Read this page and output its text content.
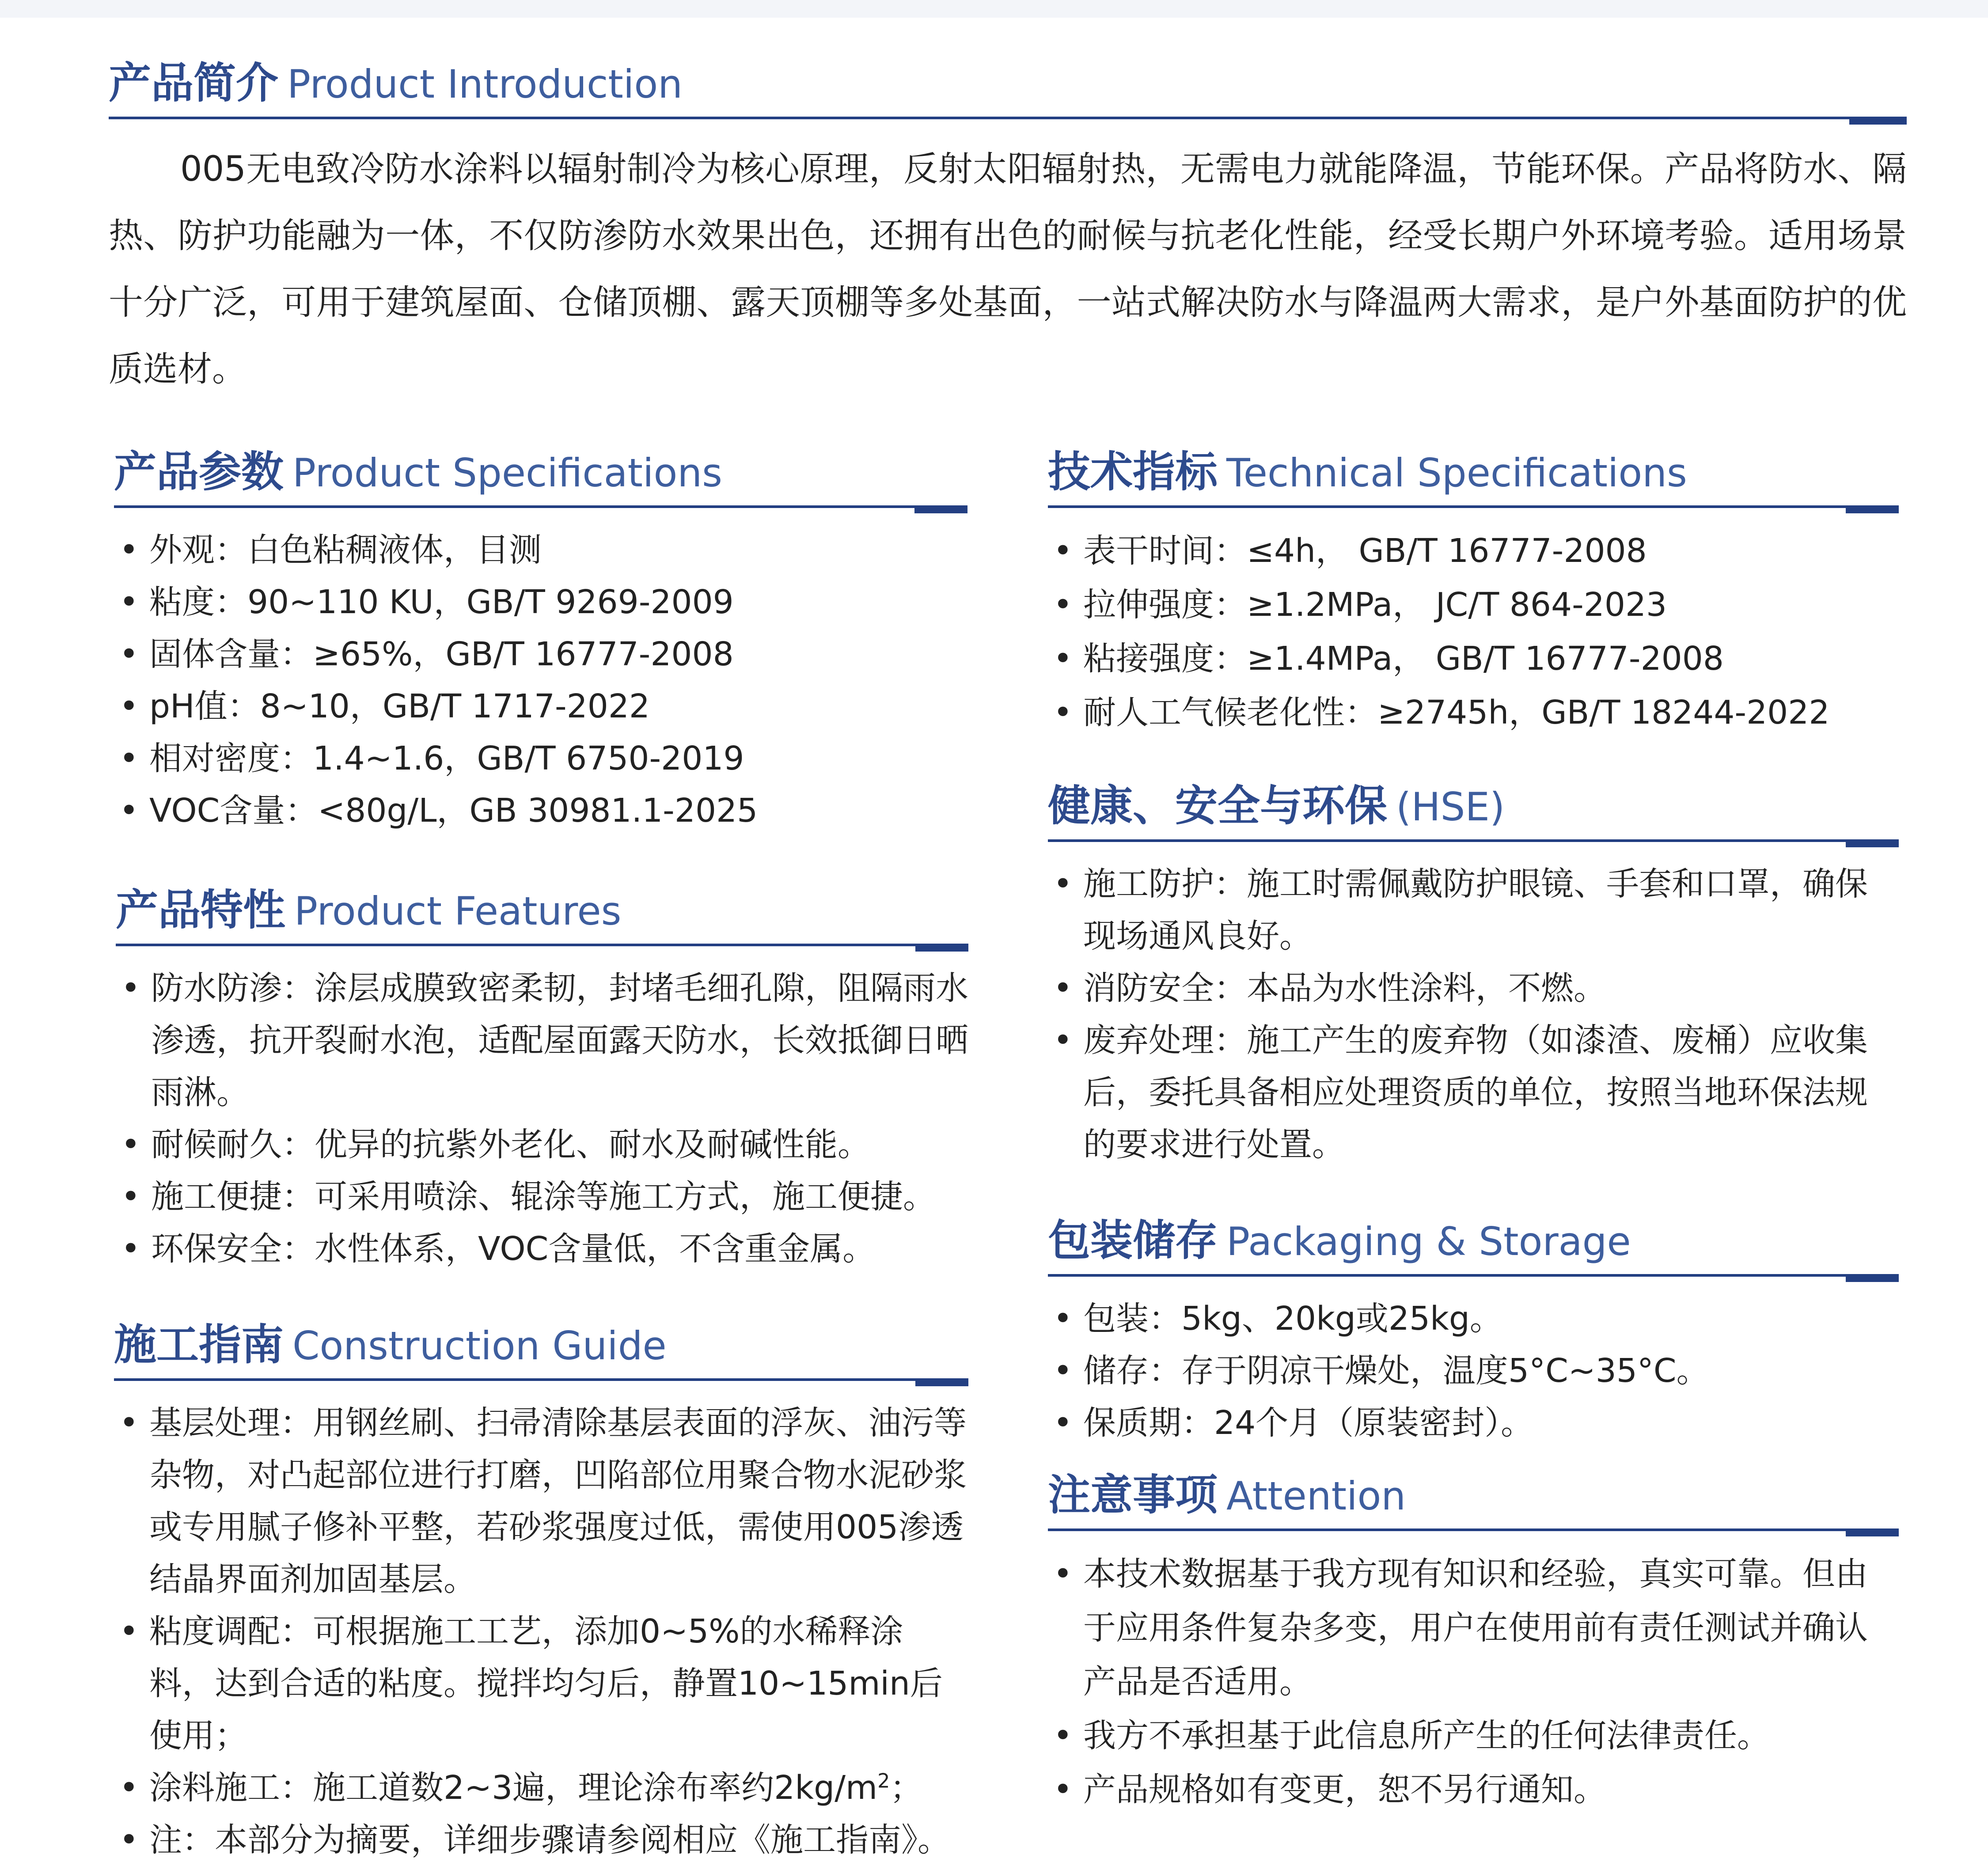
产品简介 Product Introduction
005无电致冷防水涂料以辐射制冷为核心原理，反射太阳辐射热，无需电力就能降温，节能环保。产品将防水、隔热、防护功能融为一体，不仅防渗防水效果出色，还拥有出色的耐候与抗老化性能，经受长期户外环境考验。适用场景十分广泛，可用于建筑屋面、仓储顶棚、露天顶棚等多处基面，一站式解决防水与降温两大需求，是户外基面防护的优质选材。
产品参数 Product Specifications
• 外观：白色粘稠液体，目测
• 粘度：90~110 KU，GB/T 9269-2009
• 固体含量：≥65%，GB/T 16777-2008
• pH值：8~10，GB/T 1717-2022
• 相对密度：1.4~1.6，GB/T 6750-2019
• VOC含量：<80g/L，GB 30981.1-2025
产品特性 Product Features
• 防水防渗：涂层成膜致密柔韧，封堵毛细孔隙，阻隔雨水渗透，抗开裂耐水泡，适配屋面露天防水，长效抵御日晒雨淋。
• 耐候耐久：优异的抗紫外老化、耐水及耐碱性能。
• 施工便捷：可采用喷涂、辊涂等施工方式，施工便捷。
• 环保安全：水性体系，VOC含量低，不含重金属。
施工指南 Construction Guide
• 基层处理：用钢丝刷、扫帚清除基层表面的浮灰、油污等杂物，对凸起部位进行打磨，凹陷部位用聚合物水泥砂浆或专用腻子修补平整，若砂浆强度过低，需使用005渗透结晶界面剂加固基层。
• 粘度调配：可根据施工工艺，添加0~5%的水稀释涂料，达到合适的粘度。搅拌均匀后，静置10~15min后使用；
• 涂料施工：施工道数2~3遍，理论涂布率约$2kg/m^2$；
• 注：本部分为摘要，详细步骤请参阅相应《施工指南》。
技术指标 Technical Specifications
• 表干时间：≤4h， GB/T 16777-2008
• 拉伸强度：≥1.2MPa， JC/T 864-2023
• 粘接强度：≥1.4MPa， GB/T 16777-2008
• 耐人工气候老化性：≥2745h，GB/T 18244-2022
健康、安全与环保 (HSE)
• 施工防护：施工时需佩戴防护眼镜、手套和口罩，确保现场通风良好。
• 消防安全：本品为水性涂料，不燃。
• 废弃处理：施工产生的废弃物（如漆渣、废桶）应收集后，委托具备相应处理资质的单位，按照当地环保法规的要求进行处置。
包装储存 Packaging & Storage
• 包装：5kg、20kg或25kg。
• 储存：存于阴凉干燥处，温度5°C~35°C。
• 保质期：24个月（原装密封）。
注意事项 Attention
• 本技术数据基于我方现有知识和经验，真实可靠。但由于应用条件复杂多变，用户在使用前有责任测试并确认产品是否适用。
• 我方不承担基于此信息所产生的任何法律责任。
• 产品规格如有变更，恕不另行通知。
